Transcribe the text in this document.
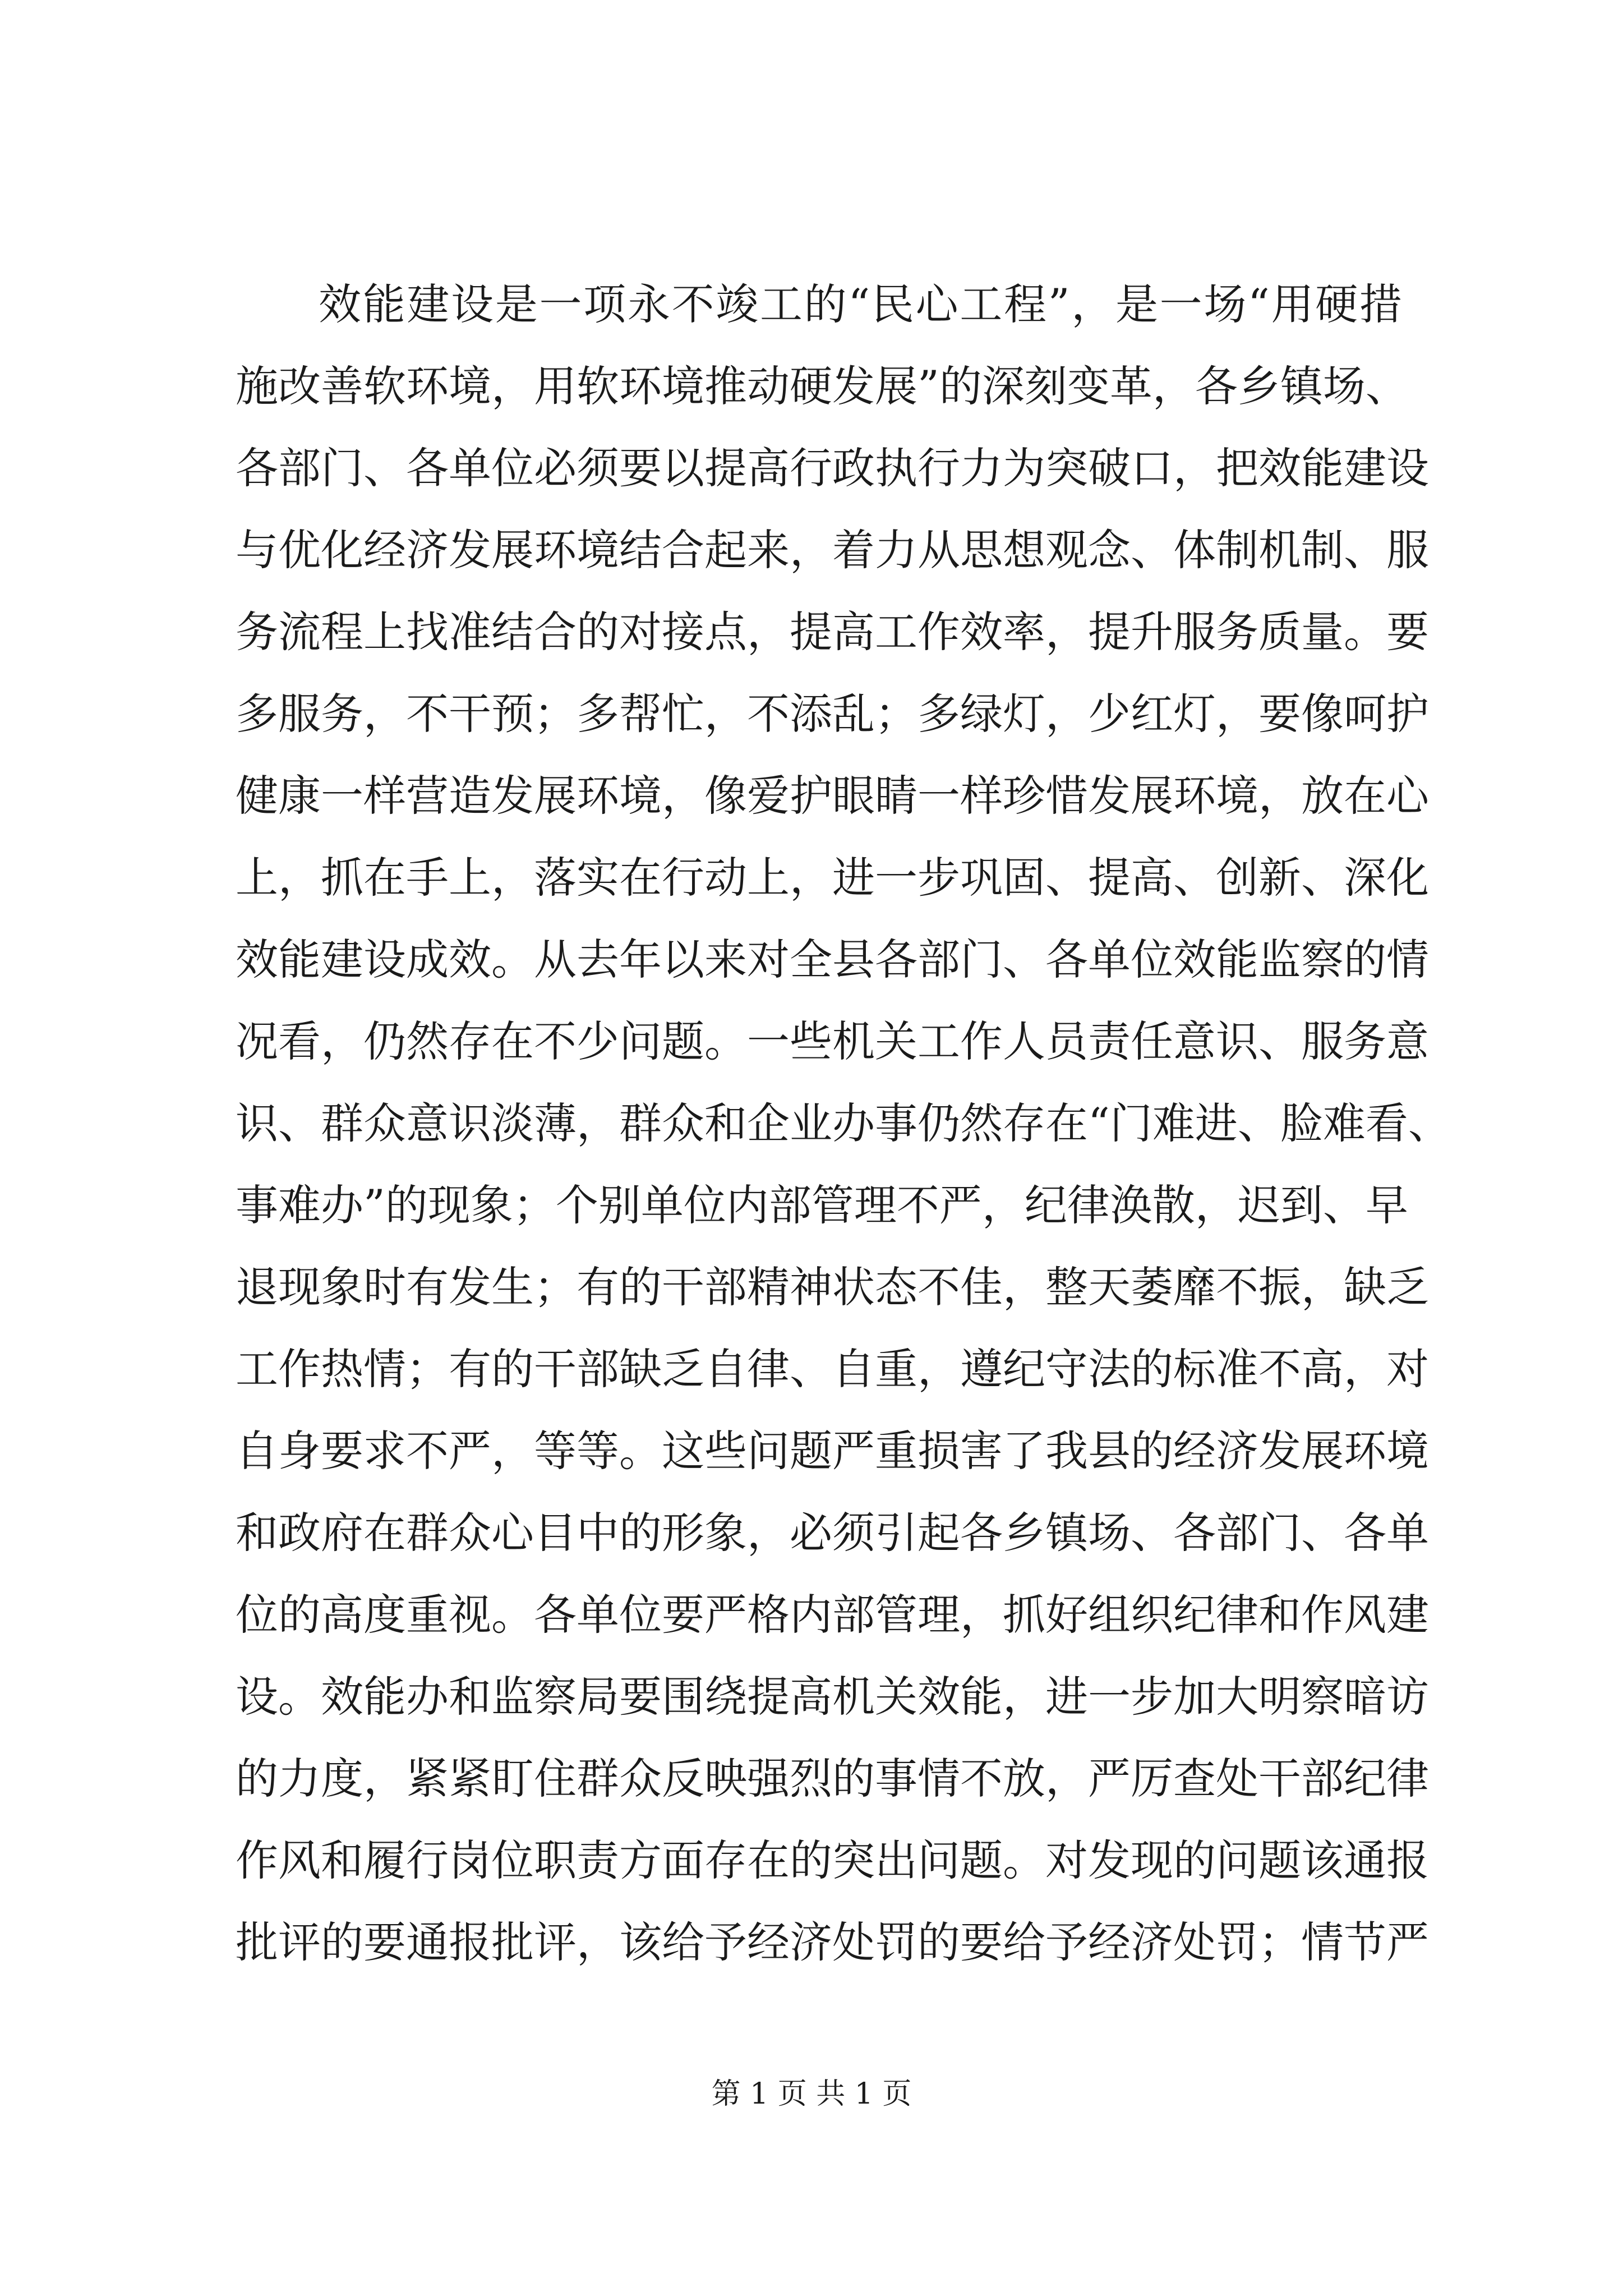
效能建设是一项永不竣工的“民心工程”，是一场“用硬措
施改善软环境，用软环境推动硬发展”的深刻变革，各乡镇场、
各部门、各单位必须要以提高行政执行力为突破口，把效能建设
与优化经济发展环境结合起来，着力从思想观念、体制机制、服
务流程上找准结合的对接点，提高工作效率，提升服务质量。要
多服务，不干预；多帮忙，不添乱；多绿灯，少红灯，要像呵护
健康一样营造发展环境，像爱护眼睛一样珍惜发展环境，放在心
上，抓在手上，落实在行动上，进一步巩固、提高、创新、深化
效能建设成效。从去年以来对全县各部门、各单位效能监察的情
况看，仍然存在不少问题。一些机关工作人员责任意识、服务意
识、群众意识淡薄，群众和企业办事仍然存在“门难进、脸难看、
事难办”的现象；个别单位内部管理不严，纪律涣散，迟到、早
退现象时有发生；有的干部精神状态不佳，整天萎靡不振，缺乏
工作热情；有的干部缺乏自律、自重，遵纪守法的标准不高，对
自身要求不严，等等。这些问题严重损害了我县的经济发展环境
和政府在群众心目中的形象，必须引起各乡镇场、各部门、各单
位的高度重视。各单位要严格内部管理，抓好组织纪律和作风建
设。效能办和监察局要围绕提高机关效能，进一步加大明察暗访
的力度，紧紧盯住群众反映强烈的事情不放，严厉查处干部纪律
作风和履行岗位职责方面存在的突出问题。对发现的问题该通报
批评的要通报批评，该给予经济处罚的要给予经济处罚；情节严
第 1 页 共 1 页
